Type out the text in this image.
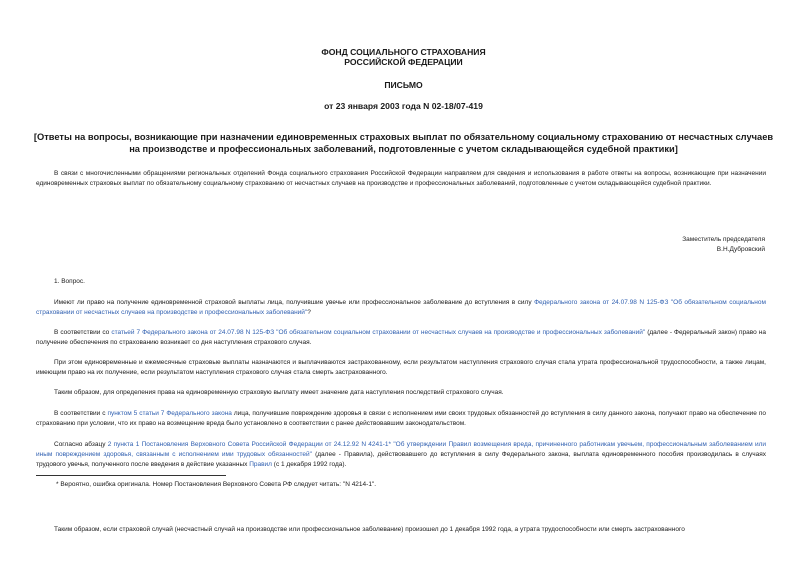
ФОНД СОЦИАЛЬНОГО СТРАХОВАНИЯ
РОССИЙСКОЙ ФЕДЕРАЦИИ
ПИСЬМО
от 23 января 2003 года N 02-18/07-419
[Ответы на вопросы, возникающие при назначении единовременных страховых выплат по обязательному социальному страхованию от несчастных случаев на производстве и профессиональных заболеваний, подготовленные с учетом складывающейся судебной практики]

В связи с многочисленными обращениями региональных отделений Фонда социального страхования Российской Федерации направляем для сведения и использования в работе ответы на вопросы, возникающие при назначении единовременных страховых выплат по обязательному социальному страхованию от несчастных случаев на производстве и профессиональных заболеваний, подготовленные с учетом складывающейся судебной практики.

Заместитель председателя
В.Н.Дубровский

1. Вопрос.

Имеют ли право на получение единовременной страховой выплаты лица, получившие увечье или профессиональное заболевание до вступления в силу Федерального закона от 24.07.98 N 125-ФЗ "Об обязательном социальном страховании от несчастных случаев на производстве и профессиональных заболеваний"?

В соответствии со статьей 7 Федерального закона от 24.07.98 N 125-ФЗ "Об обязательном социальном страховании от несчастных случаев на производстве и профессиональных заболеваний" (далее - Федеральный закон) право на получение обеспечения по страхованию возникает со дня наступления страхового случая.

При этом единовременные и ежемесячные страховые выплаты назначаются и выплачиваются застрахованному, если результатом наступления страхового случая стала утрата профессиональной трудоспособности, а также лицам, имеющим право на их получение, если результатом наступления страхового случая стала смерть застрахованного.

Таким образом, для определения права на единовременную страховую выплату имеет значение дата наступления последствий страхового случая.

В соответствии с пунктом 5 статьи 7 Федерального закона лица, получившие повреждение здоровья в связи с исполнением ими своих трудовых обязанностей до вступления в силу данного закона, получают право на обеспечение по страхованию при условии, что их право на возмещение вреда было установлено в соответствии с ранее действовавшим законодательством.

Согласно абзацу 2 пункта 1 Постановления Верховного Совета Российской Федерации от 24.12.92 N 4241-1* "Об утверждении Правил возмещения вреда, причиненного работникам увечьем, профессиональным заболеванием или иным повреждением здоровья, связанным с исполнением ими трудовых обязанностей" (далее - Правила), действовавшего до вступления в силу Федерального закона, выплата единовременного пособия производилась в случаях трудового увечья, полученного после введения в действие указанных Правил (с 1 декабря 1992 года).

* Вероятно, ошибка оригинала. Номер Постановления Верховного Совета РФ следует читать: "N 4214-1".

Таким образом, если страховой случай (несчастный случай на производстве или профессиональное заболевание) произошел до 1 декабря 1992 года, а утрата трудоспособности или смерть застрахованного
